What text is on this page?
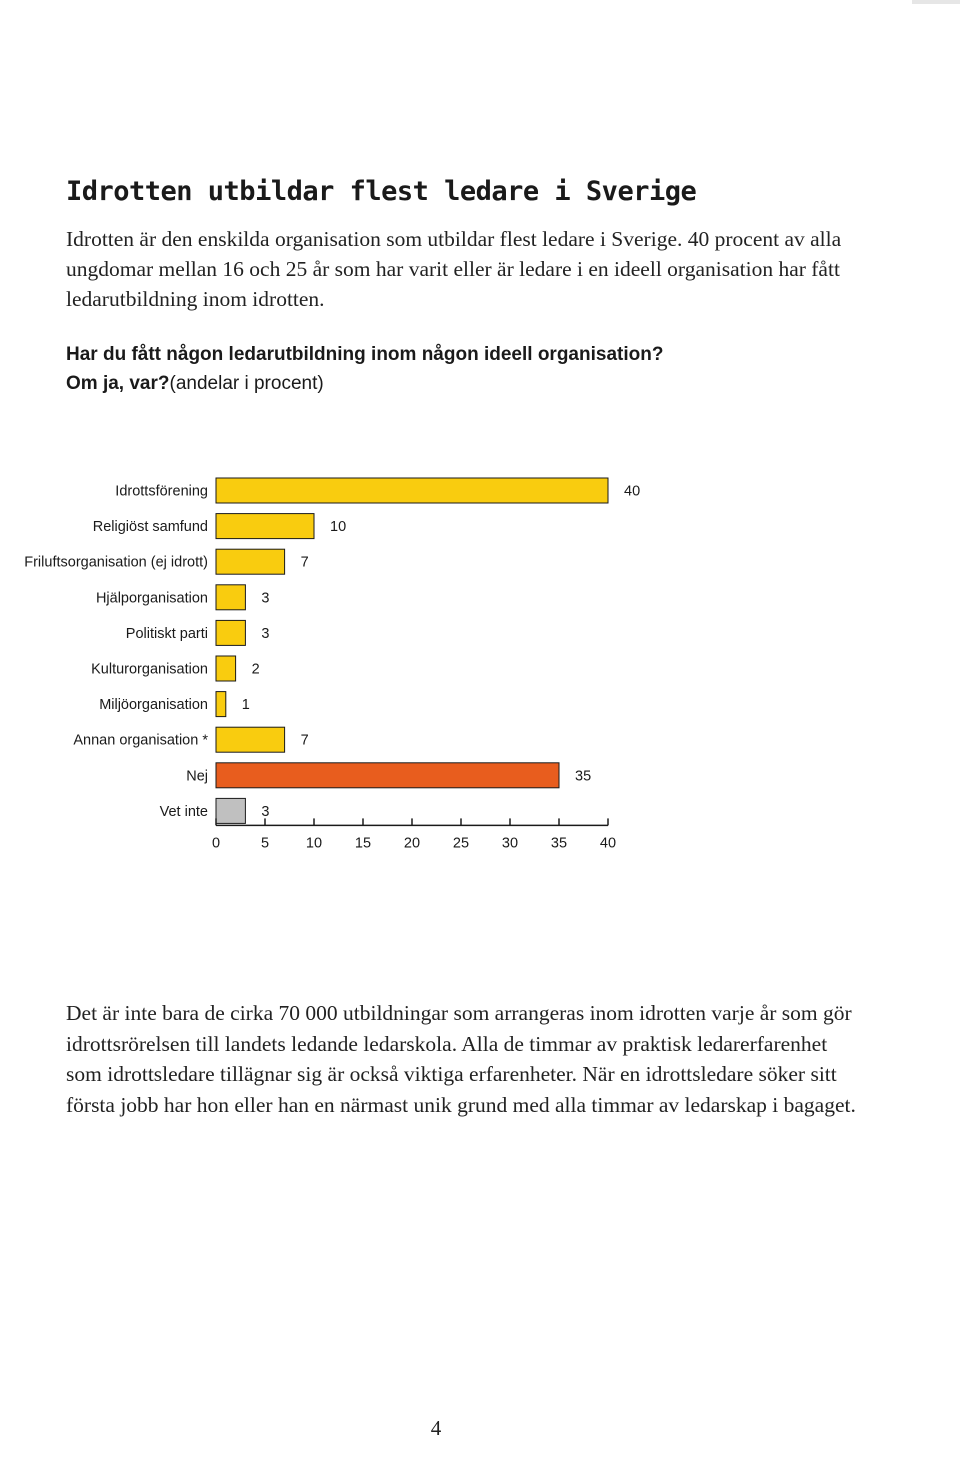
Idrotten utbildar flest ledare i Sverige

Idrotten är den enskilda organisation som utbildar flest ledare i Sverige. 40 procent av alla ungdomar mellan 16 och 25 år som har varit eller är ledare i en ideell organisation har fått ledarutbildning inom idrotten.

Har du fått någon ledarutbildning inom någon ideell organisation?
Om ja, var?(andelar i procent)

Idrottsförening	40
Religiöst samfund	10
Friluftsorganisation (ej idrott)	7
Hjälporganisation	3
Politiskt parti	3
Kulturorganisation	2
Miljöorganisation 1
Annan organisation *	7
Nej	35
Vet inte	3
0	5	10 15 20 25 30 35 40

Det är inte bara de cirka 70 000 utbildningar som arrangeras inom idrotten varje år som gör idrottsrörelsen till landets ledande ledarskola. Alla de timmar av praktisk ledarerfarenhet som idrottsledare tillägnar sig är också viktiga erfarenheter. När en idrottsledare söker sitt första jobb har hon eller han en närmast unik grund med alla timmar av ledarskap i bagaget.

4
